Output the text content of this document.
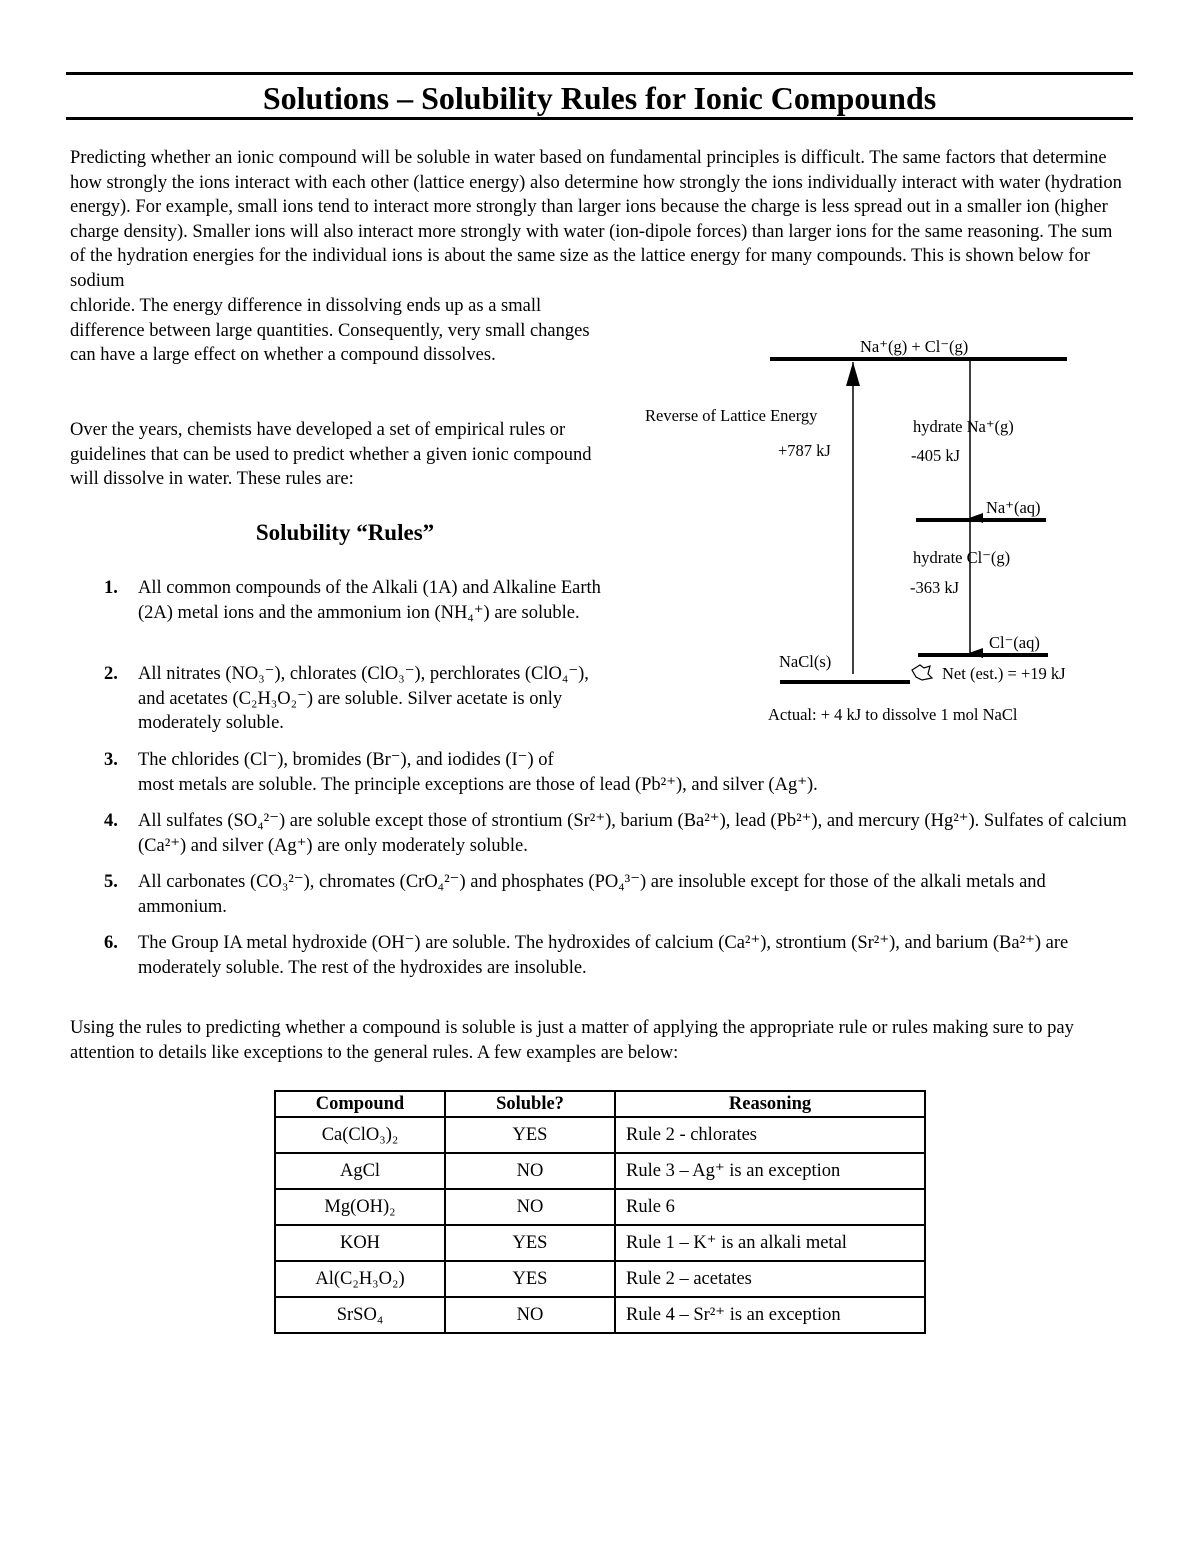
Solutions – Solubility Rules for Ionic Compounds

Predicting whether an ionic compound will be soluble in water based on fundamental principles is difficult. The same factors that determine how strongly the ions interact with each other (lattice energy) also determine how strongly the ions individually interact with water (hydration energy). For example, small ions tend to interact more strongly than larger ions because the charge is less spread out in a smaller ion (higher charge density). Smaller ions will also interact more strongly with water (ion-dipole forces) than larger ions for the same reasoning. The sum of the hydration energies for the individual ions is about the same size as the lattice energy for many compounds. This is shown below for sodium

chloride. The energy difference in dissolving ends up as a small difference between large quantities. Consequently, very small changes can have a large effect on whether a compound dissolves.

Over the years, chemists have developed a set of empirical rules or guidelines that can be used to predict whether a given ionic compound will dissolve in water. These rules are:

Solubility “Rules”
1. All common compounds of the Alkali (1A) and Alkaline Earth (2A) metal ions and the ammonium ion (NH₄⁺) are soluble.
2. All nitrates (NO₃⁻), chlorates (ClO₃⁻), perchlorates (ClO₄⁻), and acetates (C₂H₃O₂⁻) are soluble. Silver acetate is only moderately soluble.
3. The chlorides (Cl⁻), bromides (Br⁻), and iodides (I⁻) of
most metals are soluble. The principle exceptions are those of lead (Pb²⁺), and silver (Ag⁺).
4. All sulfates (SO₄²⁻) are soluble except those of strontium (Sr²⁺), barium (Ba²⁺), lead (Pb²⁺), and mercury (Hg²⁺). Sulfates of calcium (Ca²⁺) and silver (Ag⁺) are only moderately soluble.
5. All carbonates (CO₃²⁻), chromates (CrO₄²⁻) and phosphates (PO₄³⁻) are insoluble except for those of the alkali metals and ammonium.
6. The Group IA metal hydroxide (OH⁻) are soluble. The hydroxides of calcium (Ca²⁺), strontium (Sr²⁺), and barium (Ba²⁺) are moderately soluble. The rest of the hydroxides are insoluble.
Na⁺(g) + Cl⁻(g)
Reverse of Lattice Energy
+787 kJ
hydrate Na⁺(g)
-405 kJ
Na⁺(aq)
hydrate Cl⁻(g)
-363 kJ
Cl⁻(aq)
NaCl(s)
Net (est.) = +19 kJ
Actual: + 4 kJ to dissolve 1 mol NaCl

Using the rules to predicting whether a compound is soluble is just a matter of applying the appropriate rule or rules making sure to pay attention to details like exceptions to the general rules. A few examples are below:

Compound	Soluble?	Reasoning
Ca(ClO₃)₂	YES	Rule 2 - chlorates
AgCl	NO	Rule 3 – Ag⁺ is an exception
Mg(OH)₂	NO	Rule 6
KOH	YES	Rule 1 – K⁺ is an alkali metal
Al(C₂H₃O₂)	YES	Rule 2 – acetates
SrSO₄	NO	Rule 4 – Sr²⁺ is an exception
